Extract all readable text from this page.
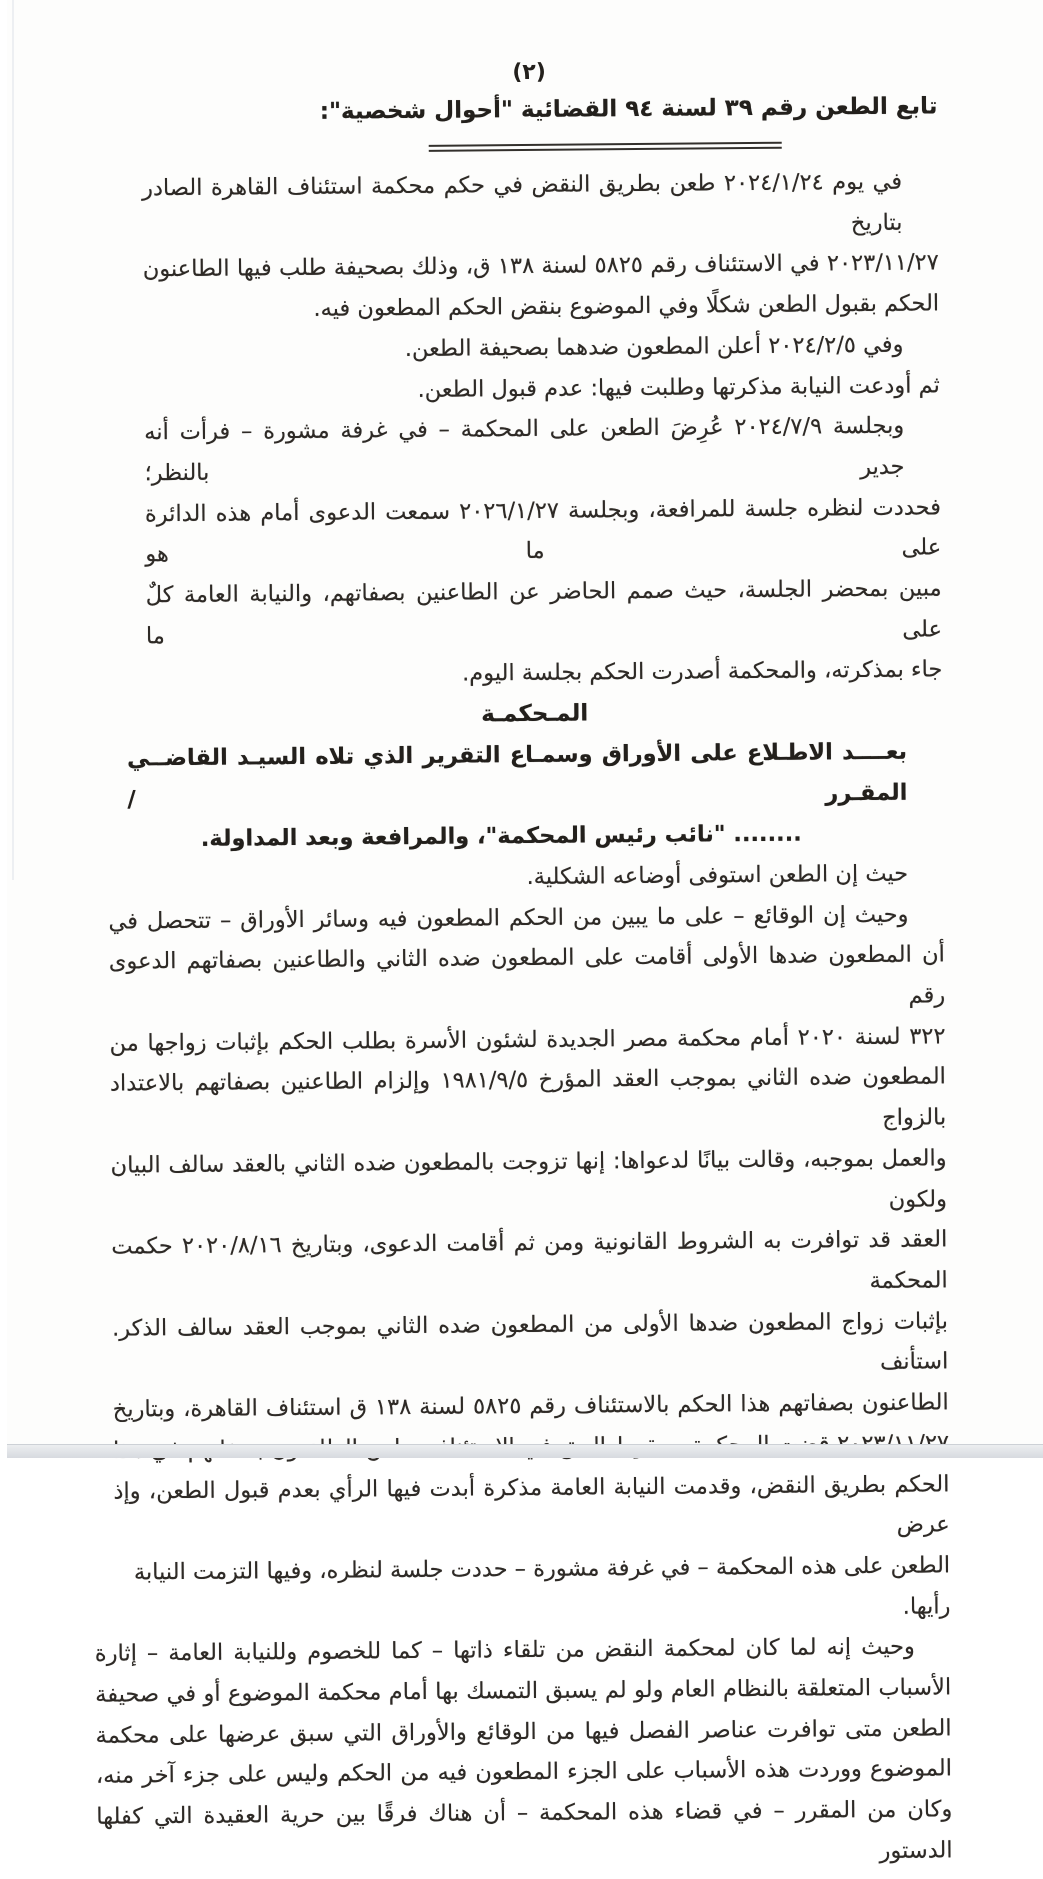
(٢)
تابع الطعن رقم ٣٩ لسنة ٩٤ القضائية "أحوال شخصية":

في يوم ٢٠٢٤/١/٢٤ طعن بطريق النقض في حكم محكمة استئناف القاهرة الصادر بتاريخ

٢٠٢٣/١١/٢٧ في الاستئناف رقم ٥٨٢٥ لسنة ١٣٨ ق، وذلك بصحيفة طلب فيها الطاعنون

الحكم بقبول الطعن شكلًا وفي الموضوع بنقض الحكم المطعون فيه.

وفي ٢٠٢٤/٢/٥ أعلن المطعون ضدهما بصحيفة الطعن.

ثم أودعت النيابة مذكرتها وطلبت فيها: عدم قبول الطعن.

وبجلسة ٢٠٢٤/٧/٩ عُرِضَ الطعن على المحكمة – في غرفة مشورة – فرأت أنه جدير بالنظر؛

فحددت لنظره جلسة للمرافعة، وبجلسة ٢٠٢٦/١/٢٧ سمعت الدعوى أمام هذه الدائرة على ما هو

مبين بمحضر الجلسة، حيث صمم الحاضر عن الطاعنين بصفاتهم، والنيابة العامة كلٌ على ما

جاء بمذكرته، والمحكمة أصدرت الحكم بجلسة اليوم.

المـحكمـة

بعــــد الاطـلاع على الأوراق وسمـاع التقرير الذي تلاه السيـد القاضــي المقـرر /

........ "نائب رئيس المحكمة"، والمرافعة وبعد المداولة.

حيث إن الطعن استوفى أوضاعه الشكلية.

وحيث إن الوقائع – على ما يبين من الحكم المطعون فيه وسائر الأوراق – تتحصل في

أن المطعون ضدها الأولى أقامت على المطعون ضده الثاني والطاعنين بصفاتهم الدعوى رقم

٣٢٢ لسنة ٢٠٢٠ أمام محكمة مصر الجديدة لشئون الأسرة بطلب الحكم بإثبات زواجها من

المطعون ضده الثاني بموجب العقد المؤرخ ١٩٨١/٩/٥ وإلزام الطاعنين بصفاتهم بالاعتداد بالزواج

والعمل بموجبه، وقالت بيانًا لدعواها: إنها تزوجت بالمطعون ضده الثاني بالعقد سالف البيان ولكون

العقد قد توافرت به الشروط القانونية ومن ثم أقامت الدعوى، وبتاريخ ٢٠٢٠/٨/١٦ حكمت المحكمة

بإثبات زواج المطعون ضدها الأولى من المطعون ضده الثاني بموجب العقد سالف الذكر. استأنف

الطاعنون بصفاتهم هذا الحكم بالاستئناف رقم ٥٨٢٥ لسنة ١٣٨ ق استئناف القاهرة، وبتاريخ

الحكم بطريق النقض، وقدمت النيابة العامة مذكرة أبدت فيها الرأي بعدم قبول الطعن، وإذ عرض

الطعن على هذه المحكمة – في غرفة مشورة – حددت جلسة لنظره، وفيها التزمت النيابة رأيها.

وحيث إنه لما كان لمحكمة النقض من تلقاء ذاتها – كما للخصوم وللنيابة العامة – إثارة

الأسباب المتعلقة بالنظام العام ولو لم يسبق التمسك بها أمام محكمة الموضوع أو في صحيفة

الطعن متى توافرت عناصر الفصل فيها من الوقائع والأوراق التي سبق عرضها على محكمة

الموضوع ووردت هذه الأسباب على الجزء المطعون فيه من الحكم وليس على جزء آخر منه،

وكان من المقرر – في قضاء هذه المحكمة – أن هناك فرقًا بين حرية العقيدة التي كفلها الدستور
